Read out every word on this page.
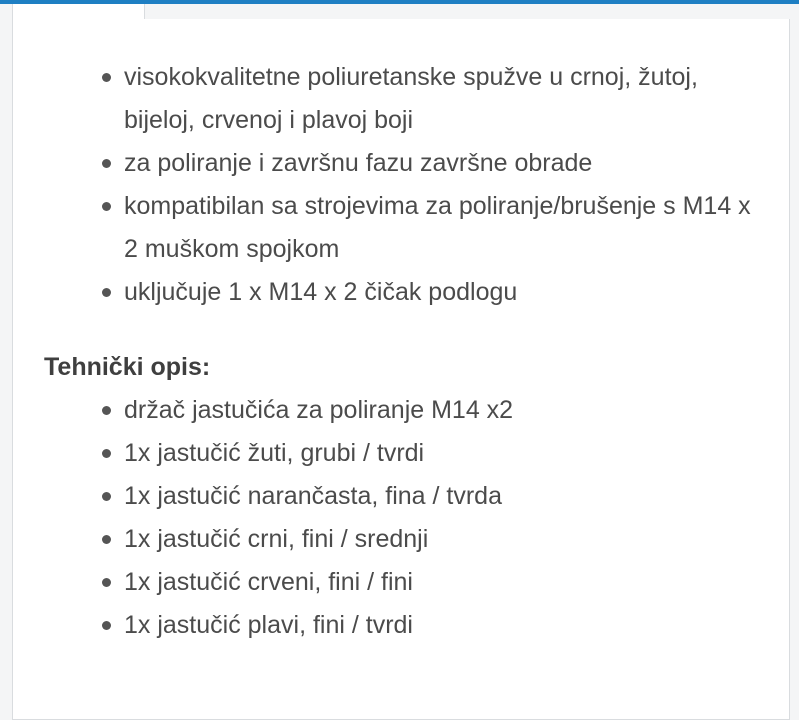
visokokvalitetne poliuretanske spužve u crnoj, žutoj, bijeloj, crvenoj i plavoj boji
za poliranje i završnu fazu završne obrade
kompatibilan sa strojevima za poliranje/brušenje s M14 x 2 muškom spojkom
uključuje 1 x M14 x 2 čičak podlogu
Tehnički opis:
držač jastučića za poliranje M14 x2
1x jastučić žuti, grubi / tvrdi
1x jastučić narančasta, fina / tvrda
1x jastučić crni, fini / srednji
1x jastučić crveni, fini / fini
1x jastučić plavi, fini / tvrdi
